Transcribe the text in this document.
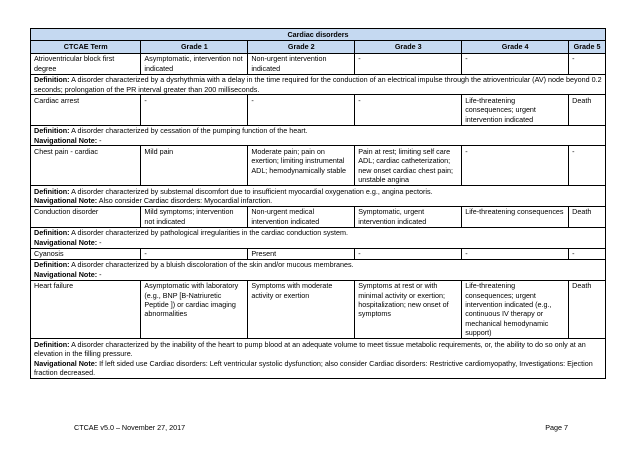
Cardiac disorders					
CTCAE Term	Grade 1	Grade 2	Grade 3	Grade 4	Grade 5
Atrioventricular block first degree	Asymptomatic, intervention not indicated	Non-urgent intervention indicated	-	-	-
Definition: A disorder characterized by a dysrhythmia with a delay in the time required for the conduction of an electrical impulse through the atrioventricular (AV) node beyond 0.2 seconds; prolongation of the PR interval greater than 200 milliseconds.					
Cardiac arrest	-	-	-	Life-threatening consequences; urgent intervention indicated	Death
Definition: A disorder characterized by cessation of the pumping function of the heart.
Navigational Note: -					
Chest pain - cardiac	Mild pain	Moderate pain; pain on exertion; limiting instrumental ADL; hemodynamically stable	Pain at rest; limiting self care ADL; cardiac catheterization; new onset cardiac chest pain; unstable angina	-	-
Definition: A disorder characterized by substernal discomfort due to insufficient myocardial oxygenation e.g., angina pectoris.
Navigational Note: Also consider Cardiac disorders: Myocardial infarction.					
Conduction disorder	Mild symptoms; intervention not indicated	Non-urgent medical intervention indicated	Symptomatic, urgent intervention indicated	Life-threatening consequences	Death
Definition: A disorder characterized by pathological irregularities in the cardiac conduction system.
Navigational Note: -					
Cyanosis	-	Present	-	-	-
Definition: A disorder characterized by a bluish discoloration of the skin and/or mucous membranes.
Navigational Note: -					
Heart failure	Asymptomatic with laboratory (e.g., BNP [B-Natriuretic Peptide ]) or cardiac imaging abnormalities	Symptoms with moderate activity or exertion	Symptoms at rest or with minimal activity or exertion; hospitalization; new onset of symptoms	Life-threatening consequences; urgent intervention indicated (e.g., continuous IV therapy or mechanical hemodynamic support)	Death
Definition: A disorder characterized by the inability of the heart to pump blood at an adequate volume to meet tissue metabolic requirements, or, the ability to do so only at an elevation in the filling pressure.
Navigational Note: If left sided use Cardiac disorders: Left ventricular systolic dysfunction; also consider Cardiac disorders: Restrictive cardiomyopathy, Investigations: Ejection fraction decreased.					
CTCAE v5.0 – November 27, 2017	Page 7
